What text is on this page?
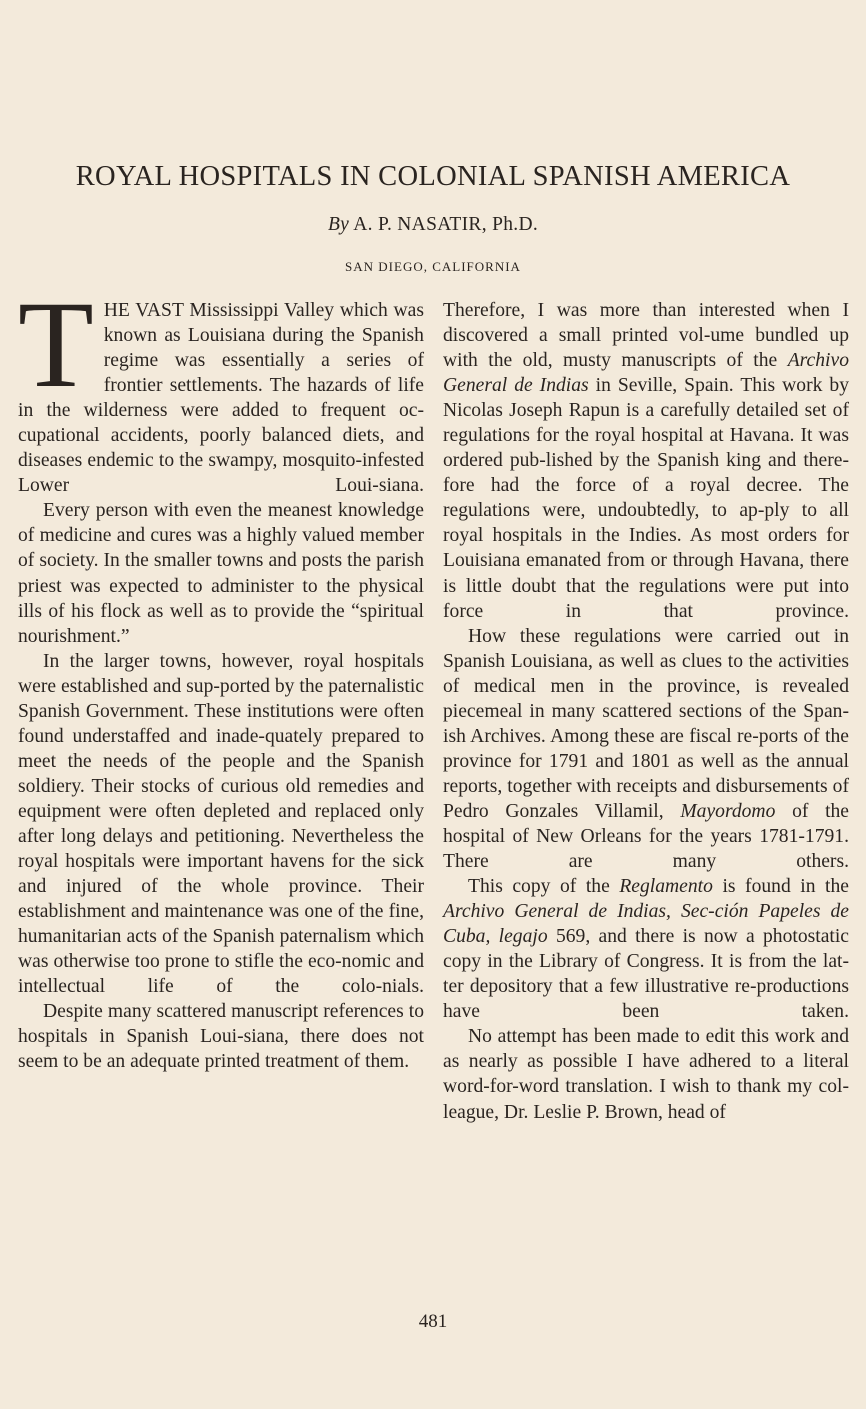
ROYAL HOSPITALS IN COLONIAL SPANISH AMERICA
By A. P. NASATIR, Ph.D.
SAN DIEGO, CALIFORNIA

THE VAST Mississippi Valley which was known as Louisiana during the Spanish regime was essentially a series of frontier settlements. The hazards of life in the wilderness were added to frequent oc-cupational accidents, poorly balanced diets, and diseases endemic to the swampy, mosquito-infested Lower Loui-siana.

Every person with even the meanest knowledge of medicine and cures was a highly valued member of society. In the smaller towns and posts the parish priest was expected to administer to the physical ills of his flock as well as to provide the “spiritual nourishment.”

In the larger towns, however, royal hospitals were established and sup-ported by the paternalistic Spanish Government. These institutions were often found understaffed and inade-quately prepared to meet the needs of the people and the Spanish soldiery. Their stocks of curious old remedies and equipment were often depleted and replaced only after long delays and petitioning. Nevertheless the royal hospitals were important havens for the sick and injured of the whole province. Their establishment and maintenance was one of the fine, humanitarian acts of the Spanish paternalism which was otherwise too prone to stifle the eco-nomic and intellectual life of the colo-nials.

Despite many scattered manuscript references to hospitals in Spanish Loui-siana, there does not seem to be an adequate printed treatment of them.

Therefore, I was more than interested when I discovered a small printed vol-ume bundled up with the old, musty manuscripts of the Archivo General de Indias in Seville, Spain. This work by Nicolas Joseph Rapun is a carefully detailed set of regulations for the royal hospital at Havana. It was ordered pub-lished by the Spanish king and there-fore had the force of a royal decree. The regulations were, undoubtedly, to ap-ply to all royal hospitals in the Indies. As most orders for Louisiana emanated from or through Havana, there is little doubt that the regulations were put into force in that province.

How these regulations were carried out in Spanish Louisiana, as well as clues to the activities of medical men in the province, is revealed piecemeal in many scattered sections of the Span-ish Archives. Among these are fiscal re-ports of the province for 1791 and 1801 as well as the annual reports, together with receipts and disbursements of Pedro Gonzales Villamil, Mayordomo of the hospital of New Orleans for the years 1781-1791. There are many others.

This copy of the Reglamento is found in the Archivo General de Indias, Sec-ción Papeles de Cuba, legajo 569, and there is now a photostatic copy in the Library of Congress. It is from the lat-ter depository that a few illustrative re-productions have been taken.

No attempt has been made to edit this work and as nearly as possible I have adhered to a literal word-for-word translation. I wish to thank my col-league, Dr. Leslie P. Brown, head of

481
